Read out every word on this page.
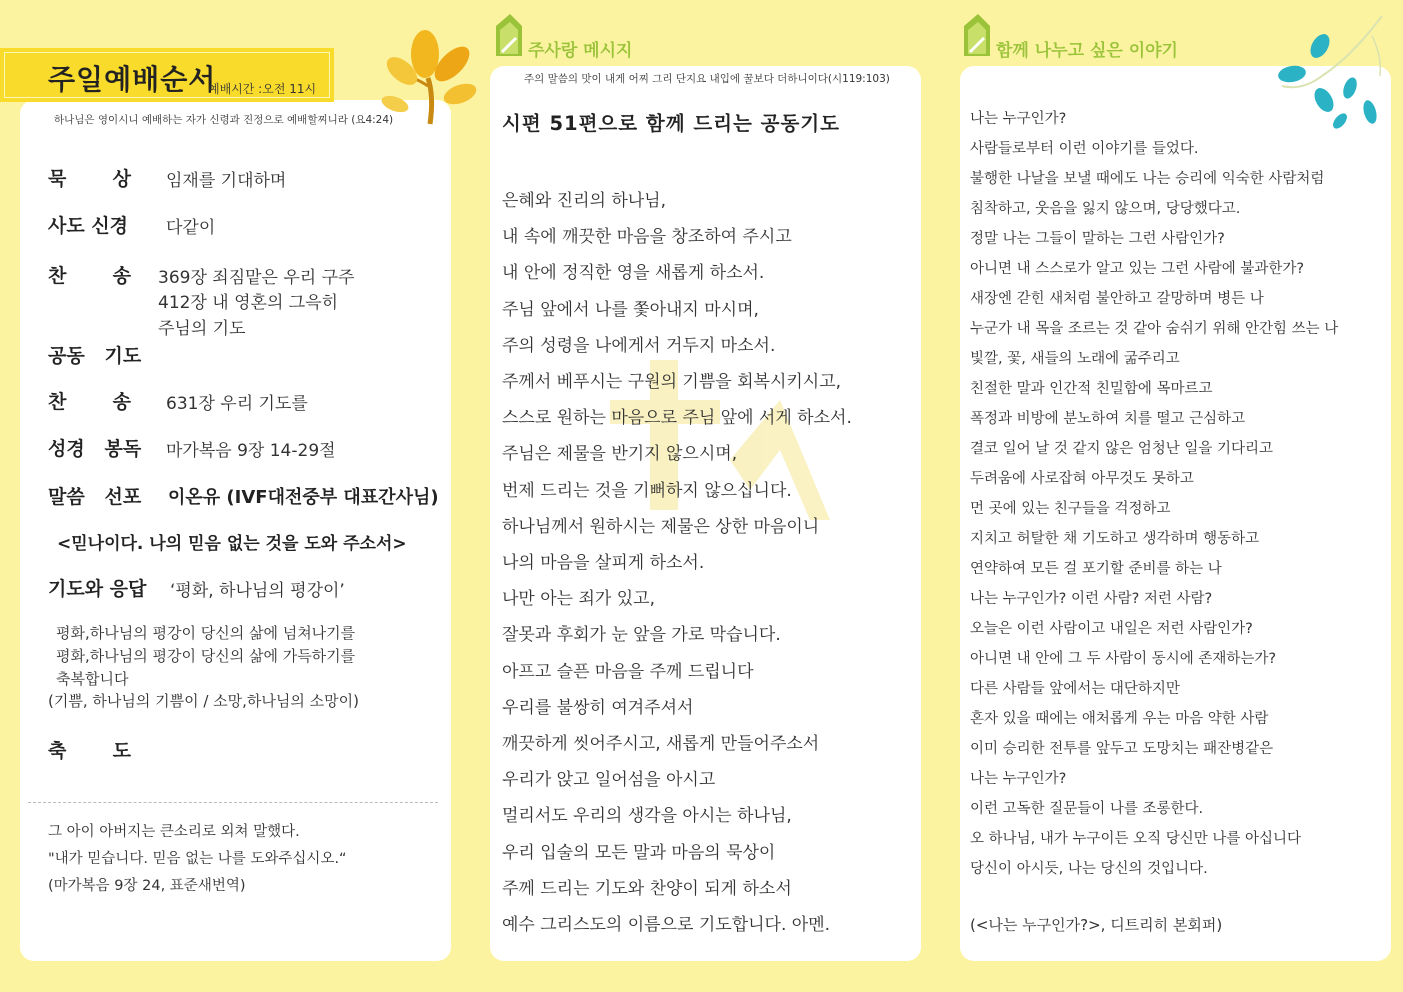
주일예배순서
예배시간 :오전 11시
하나님은 영이시니 예배하는 자가 신령과 진정으로 예배할찌니라 (요4:24)
묵       상 임재를 기대하며
사도 신경 다같이
찬       송 369장 죄짐맡은 우리 구주
412장 내 영혼의 그윽히
주님의 기도
공동   기도
찬       송 631장 우리 기도를
성경   봉독 마가복음 9장 14-29절
말씀   선포 이온유 (IVF대전중부 대표간사님)
<믿나이다. 나의 믿음 없는 것을 도와 주소서>
기도와 응답 ‘평화, 하나님의 평강이’
평화,하나님의 평강이 당신의 삶에 넘쳐나기를
평화,하나님의 평강이 당신의 삶에 가득하기를
축복합니다
(기쁨, 하나님의 기쁨이 / 소망,하나님의 소망이)
축       도
그 아이 아버지는 큰소리로 외쳐 말했다.
"내가 믿습니다. 믿음 없는 나를 도와주십시오.“
(마가복음 9장 24, 표준새번역)
주사랑 메시지
주의 말씀의 맛이 내게 어찌 그리 단지요 내입에 꿀보다 더하니이다(시119:103)
시편 51편으로 함께 드리는 공동기도
은혜와 진리의 하나님,
내 속에 깨끗한 마음을 창조하여 주시고
내 안에 정직한 영을 새롭게 하소서.
주님 앞에서 나를 쫓아내지 마시며,
주의 성령을 나에게서 거두지 마소서.
주께서 베푸시는 구원의 기쁨을 회복시키시고,
스스로 원하는 마음으로 주님 앞에 서게 하소서.
주님은 제물을 반기지 않으시며,
번제 드리는 것을 기뻐하지 않으십니다.
하나님께서 원하시는 제물은 상한 마음이니
나의 마음을 살피게 하소서.
나만 아는 죄가 있고,
잘못과 후회가 눈 앞을 가로 막습니다.
아프고 슬픈 마음을 주께 드립니다
우리를 불쌍히 여겨주셔서
깨끗하게 씻어주시고, 새롭게 만들어주소서
우리가 앉고 일어섬을 아시고
멀리서도 우리의 생각을 아시는 하나님,
우리 입술의 모든 말과 마음의 묵상이
주께 드리는 기도와 찬양이 되게 하소서
예수 그리스도의 이름으로 기도합니다. 아멘.
함께 나누고 싶은 이야기
나는 누구인가?
사람들로부터 이런 이야기를 들었다.
불행한 나날을 보낼 때에도 나는 승리에 익숙한 사람처럼
침착하고, 웃음을 잃지 않으며, 당당했다고.
정말 나는 그들이 말하는 그런 사람인가?
아니면 내 스스로가 알고 있는 그런 사람에 불과한가?
새장엔 갇힌 새처럼 불안하고 갈망하며 병든 나
누군가 내 목을 조르는 것 같아 숨쉬기 위해 안간힘 쓰는 나
빛깔, 꽃, 새들의 노래에 굶주리고
친절한 말과 인간적 친밀함에 목마르고
폭정과 비방에 분노하여 치를 떨고 근심하고
결코 일어 날 것 같지 않은 엄청난 일을 기다리고
두려움에 사로잡혀 아무것도 못하고
먼 곳에 있는 친구들을 걱정하고
지치고 허탈한 채 기도하고 생각하며 행동하고
연약하여 모든 걸 포기할 준비를 하는 나
나는 누구인가? 이런 사람? 저런 사람?
오늘은 이런 사람이고 내일은 저런 사람인가?
아니면 내 안에 그 두 사람이 동시에 존재하는가?
다른 사람들 앞에서는 대단하지만
혼자 있을 때에는 애처롭게 우는 마음 약한 사람
이미 승리한 전투를 앞두고 도망치는 패잔병같은
나는 누구인가?
이런 고독한 질문들이 나를 조롱한다.
오 하나님, 내가 누구이든 오직 당신만 나를 아십니다
당신이 아시듯, 나는 당신의 것입니다.
(<나는 누구인가?>, 디트리히 본회퍼)
